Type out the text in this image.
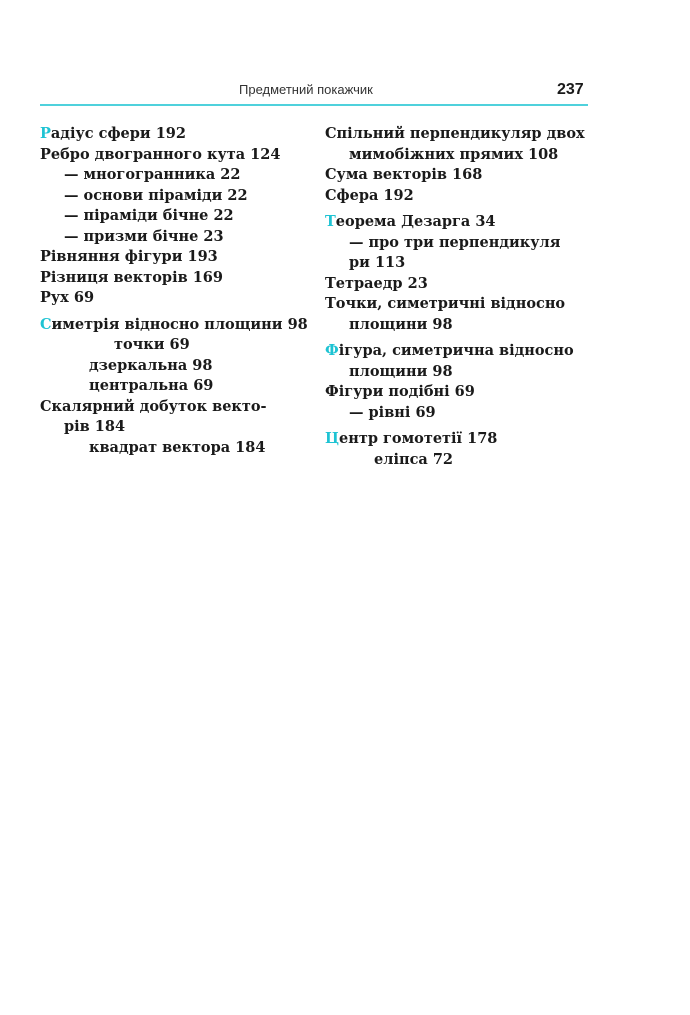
Предметний покажчик	237
Радіус сфери 192
Ребро двогранного кута 124
— многогранника 22
— основи піраміди 22
— піраміди бічне 22
— призми бічне 23
Рівняння фігури 193
Різниця векторів 169
Рух 69
Симетрія відносно площини 98
точки 69
дзеркальна 98
центральна 69
Скалярний добуток векто-
рів 184
квадрат вектора 184
Спільний перпендикуляр двох
мимобіжних прямих 108
Сума векторів 168
Сфера 192
Теорема Дезарга 34
— про три перпендикуля
ри 113
Тетраедр 23
Точки, симетричні відносно
площини 98
Фігура, симетрична відносно
площини 98
Фігури подібні 69
— рівні 69
Центр гомотетії 178
еліпса 72
